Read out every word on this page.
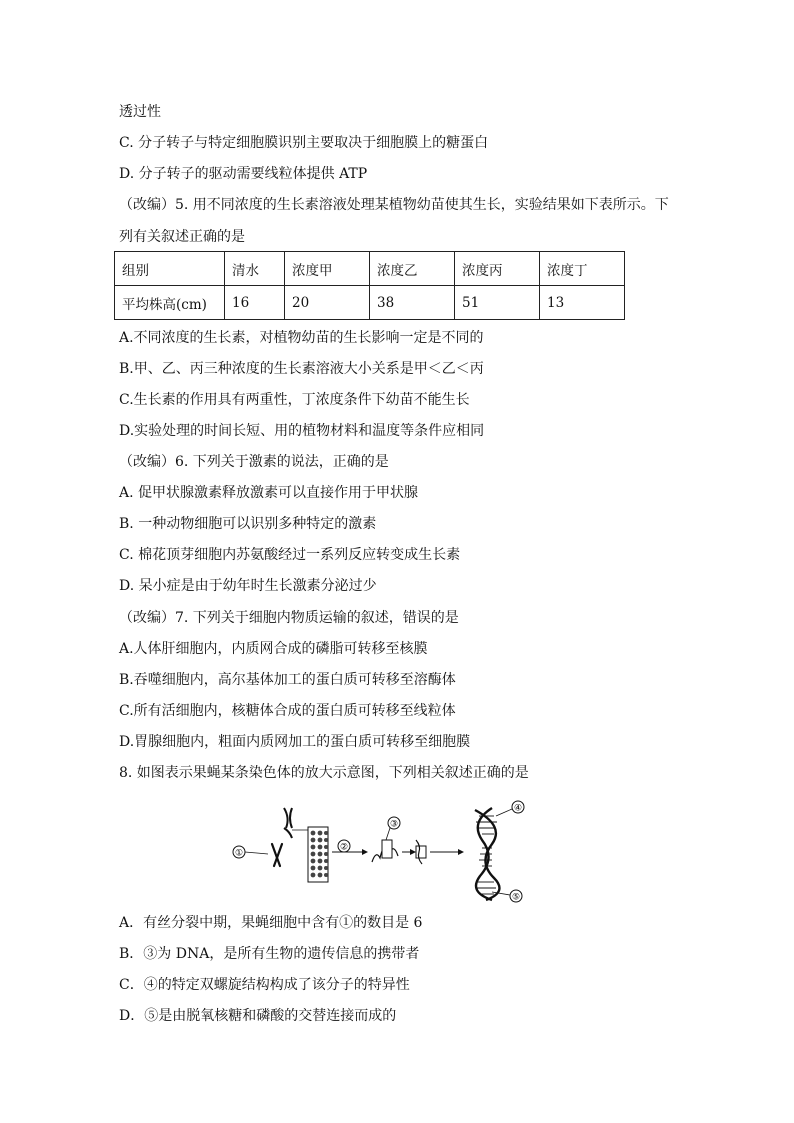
透过性
C. 分子转子与特定细胞膜识别主要取决于细胞膜上的糖蛋白
D. 分子转子的驱动需要线粒体提供 ATP
（改编）5. 用不同浓度的生长素溶液处理某植物幼苗使其生长，实验结果如下表所示。下
列有关叙述正确的是
组别	清水	浓度甲	浓度乙	浓度丙	浓度丁
平均株高(cm)	16	20	38	51	13
A.不同浓度的生长素，对植物幼苗的生长影响一定是不同的
B.甲、乙、丙三种浓度的生长素溶液大小关系是甲＜乙＜丙
C.生长素的作用具有两重性，丁浓度条件下幼苗不能生长
D.实验处理的时间长短、用的植物材料和温度等条件应相同
（改编）6. 下列关于激素的说法，正确的是
A. 促甲状腺激素释放激素可以直接作用于甲状腺
B. 一种动物细胞可以识别多种特定的激素
C. 棉花顶芽细胞内苏氨酸经过一系列反应转变成生长素
D. 呆小症是由于幼年时生长激素分泌过少
（改编）7. 下列关于细胞内物质运输的叙述，错误的是
A.人体肝细胞内，内质网合成的磷脂可转移至核膜
B.吞噬细胞内，高尔基体加工的蛋白质可转移至溶酶体
C.所有活细胞内，核糖体合成的蛋白质可转移至线粒体
D.胃腺细胞内，粗面内质网加工的蛋白质可转移至细胞膜
8. 如图表示果蝇某条染色体的放大示意图，下列相关叙述正确的是
①
②
③
④
⑤
A．有丝分裂中期，果蝇细胞中含有①的数目是 6
B．③为 DNA，是所有生物的遗传信息的携带者
C．④的特定双螺旋结构构成了该分子的特异性
D．⑤是由脱氧核糖和磷酸的交替连接而成的
